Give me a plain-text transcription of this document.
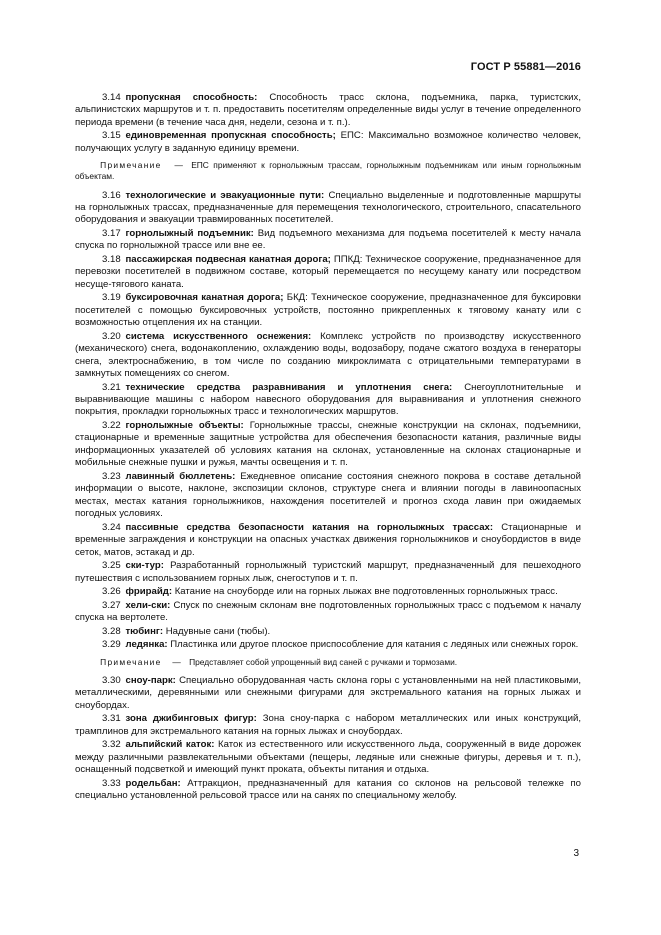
ГОСТ Р 55881—2016

3.14  пропускная способность: Способность трасс склона, подъемника, парка, туристских, альпинистских маршрутов и т. п. предоставить посетителям определенные виды услуг в течение определенного периода времени (в течение часа дня, недели, сезона и т. п.).

3.15  единовременная пропускная способность; ЕПС: Максимально возможное количество человек, получающих услугу в заданную единицу времени.

   Примечание   —  ЕПС применяют к горнолыжным трассам, горнолыжным подъемникам или иным горнолыжным объектам.

3.16  технологические и эвакуационные пути: Специально выделенные и подготовленные маршруты на горнолыжных трассах, предназначенные для перемещения технологического, строительного, спасательного оборудования и эвакуации травмированных посетителей.

3.17  горнолыжный подъемник: Вид подъемного механизма для подъема посетителей к месту начала спуска по горнолыжной трассе или вне ее.

3.18  пассажирская подвесная канатная дорога; ППКД: Техническое сооружение, предназначенное для перевозки посетителей в подвижном составе, который перемещается по несущему канату или посредством несуще-тягового каната.

3.19  буксировочная канатная дорога; БКД: Техническое сооружение, предназначенное для буксировки посетителей с помощью буксировочных устройств, постоянно прикрепленных к тяговому канату или с возможностью отцепления их на станции.

3.20  система искусственного оснежения: Комплекс устройств по производству искусственного (механического) снега, водонакоплению, охлаждению воды, водозабору, подаче сжатого воздуха в генераторы снега, электроснабжению, в том числе по созданию микроклимата с отрицательными температурами в замкнутых помещениях со снегом.

3.21  технические средства разравнивания и уплотнения снега: Снегоуплотнительные и выравнивающие машины с набором навесного оборудования для выравнивания и уплотнения снежного покрытия, прокладки горнолыжных трасс и технологических маршрутов.

3.22  горнолыжные объекты: Горнолыжные трассы, снежные конструкции на склонах, подъемники, стационарные и временные защитные устройства для обеспечения безопасности катания, различные виды информационных указателей об условиях катания на склонах, установленные на склонах стационарные и мобильные снежные пушки и ружья, мачты освещения и т. п.

3.23  лавинный бюллетень: Ежедневное описание состояния снежного покрова в составе детальной информации о высоте, наклоне, экспозиции склонов, структуре снега и влиянии погоды в лавиноопасных местах, местах катания горнолыжников, нахождения посетителей и прогноз схода лавин при ожидаемых погодных условиях.

3.24  пассивные средства безопасности катания на горнолыжных трассах: Стационарные и временные заграждения и конструкции на опасных участках движения горнолыжников и сноубордистов в виде сеток, матов, эстакад и др.

3.25  ски-тур: Разработанный горнолыжный туристский маршрут, предназначенный для пешеходного путешествия с использованием горных лыж, снегоступов и т. п.

3.26  фрирайд: Катание на сноуборде или на горных лыжах вне подготовленных горнолыжных трасс.

3.27  хели-ски: Спуск по снежным склонам вне подготовленных горнолыжных трасс с подъемом к началу спуска на вертолете.

3.28  тюбинг: Надувные сани (тюбы).

3.29  ледянка: Пластинка или другое плоское приспособление для катания с ледяных или снежных горок.

   Примечание   —  Представляет собой упрощенный вид саней с ручками и тормозами.

3.30  сноу-парк: Специально оборудованная часть склона горы с установленными на ней пластиковыми, металлическими, деревянными или снежными фигурами для экстремального катания на горных лыжах и сноубордах.

3.31  зона джибинговых фигур: Зона сноу-парка с набором металлических или иных конструкций, трамплинов для экстремального катания на горных лыжах и сноубордах.

3.32  альпийский каток: Каток из естественного или искусственного льда, сооруженный в виде дорожек между различными развлекательными объектами (пещеры, ледяные или снежные фигуры, деревья и т. п.), оснащенный подсветкой и имеющий пункт проката, объекты питания и отдыха.

3.33  родельбан: Аттракцион, предназначенный для катания со склонов на рельсовой тележке по специально установленной рельсовой трассе или на санях по специальному желобу.

3
